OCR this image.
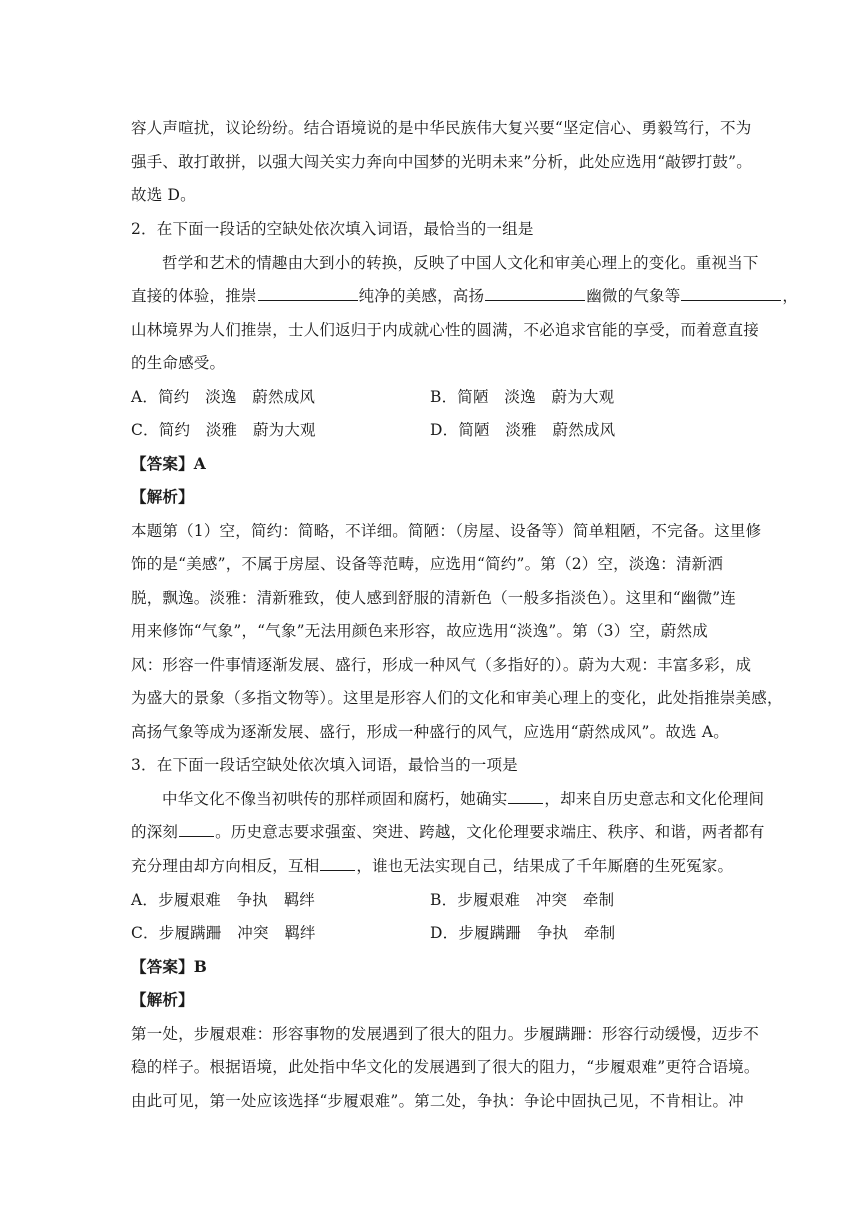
容人声喧扰，议论纷纷。结合语境说的是中华民族伟大复兴要“坚定信心、勇毅笃行，不为
强手、敢打敢拼，以强大闯关实力奔向中国梦的光明未来”分析，此处应选用“敲锣打鼓”。
故选 D。
2．在下面一段话的空缺处依次填入词语，最恰当的一组是
哲学和艺术的情趣由大到小的转换，反映了中国人文化和审美心理上的变化。重视当下
直接的体验，推崇	纯净的美感，高扬	幽微的气象等	，
山林境界为人们推崇，士人们返归于内成就心性的圆满，不必追求官能的享受，而着意直接
的生命感受。
A．简约　淡逸　蔚然成风	B．简陋　淡逸　蔚为大观
C．简约　淡雅　蔚为大观	D．简陋　淡雅　蔚然成风
【答案】A
【解析】
本题第（1）空，简约：简略，不详细。简陋：（房屋、设备等）简单粗陋，不完备。这里修
饰的是“美感”，不属于房屋、设备等范畴，应选用“简约”。第（2）空，淡逸：清新洒
脱，飘逸。淡雅：清新雅致，使人感到舒服的清新色（一般多指淡色）。这里和“幽微”连
用来修饰“气象”，“气象”无法用颜色来形容，故应选用“淡逸”。第（3）空，蔚然成
风：形容一件事情逐渐发展、盛行，形成一种风气（多指好的）。蔚为大观：丰富多彩，成
为盛大的景象（多指文物等）。这里是形容人们的文化和审美心理上的变化，此处指推崇美感，
高扬气象等成为逐渐发展、盛行，形成一种盛行的风气，应选用“蔚然成风”。故选 A。
3．在下面一段话空缺处依次填入词语，最恰当的一项是
中华文化不像当初哄传的那样顽固和腐朽，她确实 ，却来自历史意志和文化伦理间
的深刻 。历史意志要求强蛮、突进、跨越，文化伦理要求端庄、秩序、和谐，两者都有
充分理由却方向相反，互相 ，谁也无法实现自己，结果成了千年厮磨的生死冤家。
A．步履艰难　争执　羁绊	B．步履艰难　冲突　牵制
C．步履蹒跚　冲突　羁绊	D．步履蹒跚　争执　牵制
【答案】B
【解析】
第一处，步履艰难：形容事物的发展遇到了很大的阻力。步履蹒跚：形容行动缓慢，迈步不
稳的样子。根据语境，此处指中华文化的发展遇到了很大的阻力，“步履艰难”更符合语境。
由此可见，第一处应该选择“步履艰难”。第二处，争执：争论中固执己见，不肯相让。冲
